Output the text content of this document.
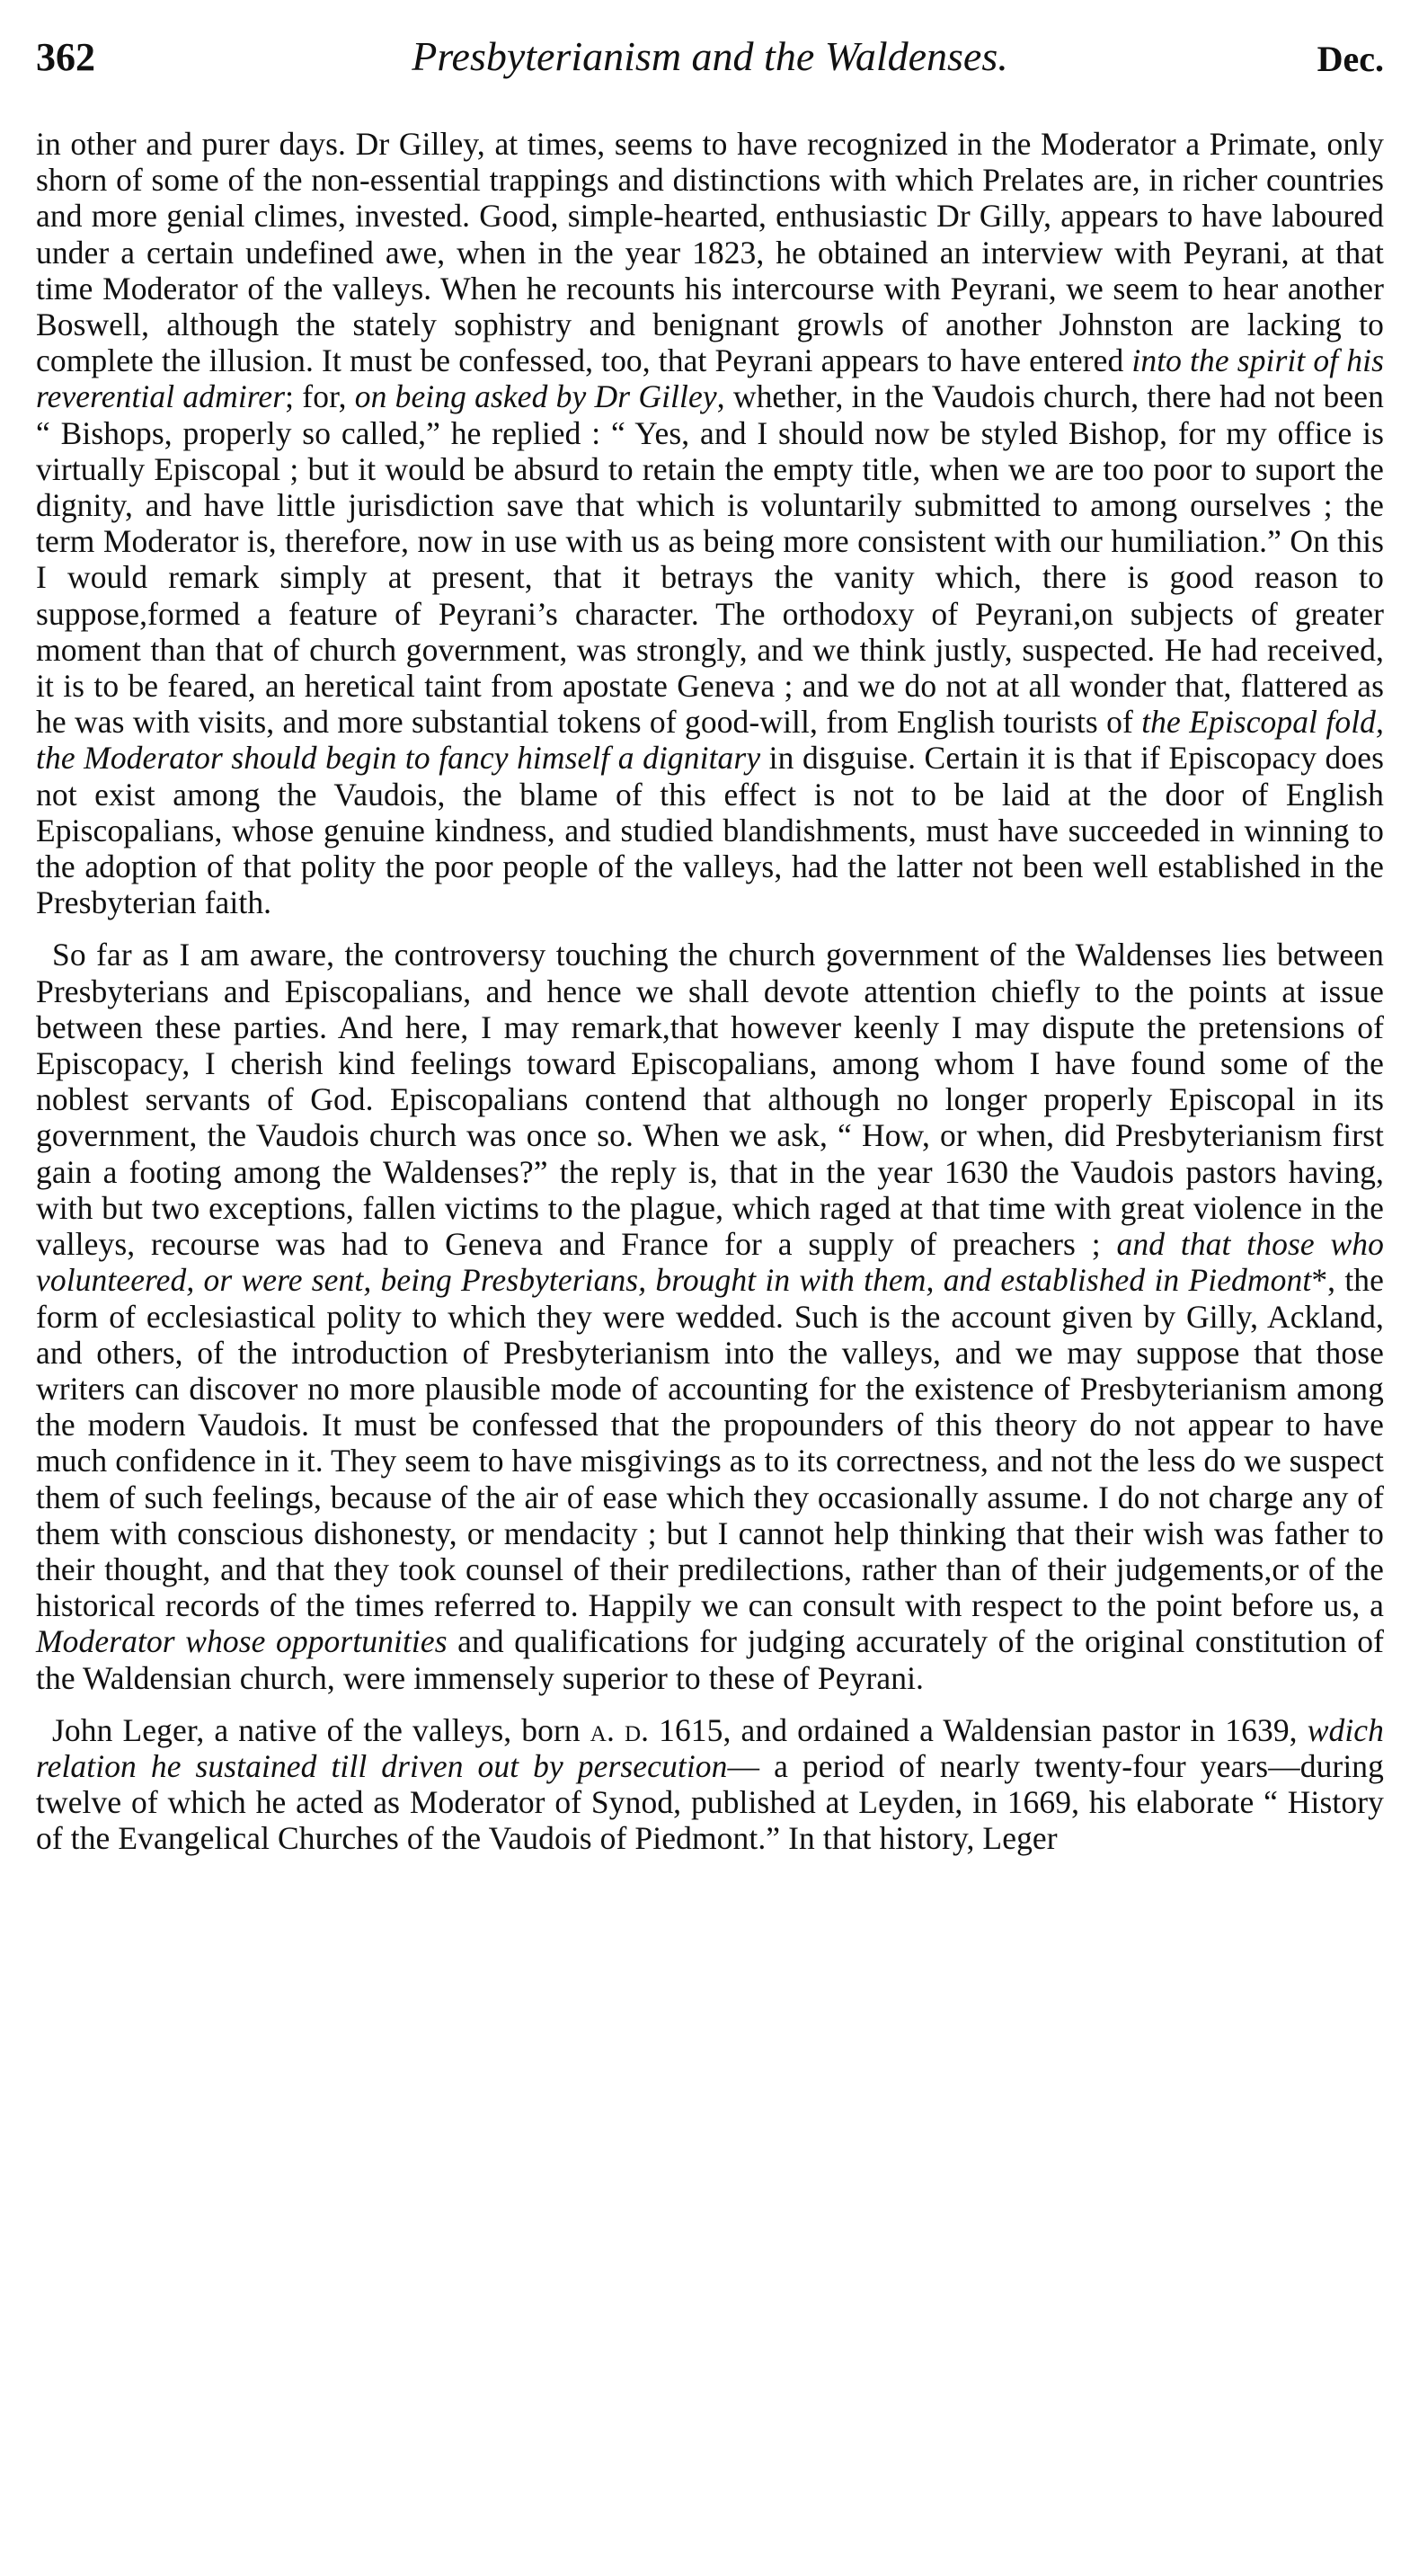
362	Presbyterianism and the Waldenses.	Dec.

in other and purer days. Dr Gilley, at times, seems to have recognized in the Moderator a Primate, only shorn of some of the non-essential trappings and distinctions with which Prelates are, in richer countries and more genial climes, invested. Good, simple-hearted, enthusiastic Dr Gilly, appears to have laboured under a certain undefined awe, when in the year 1823, he obtained an interview with Peyrani, at that time Moderator of the valleys. When he recounts his intercourse with Peyrani, we seem to hear another Boswell, although the stately sophistry and benignant growls of another Johnston are lacking to complete the illusion. It must be confessed, too, that Peyrani appears to have entered into the spirit of his reverential admirer; for, on being asked by Dr Gilley, whether, in the Vaudois church, there had not been “ Bishops, properly so called,” he replied : “ Yes, and I should now be styled Bishop, for my office is virtually Episcopal ; but it would be absurd to retain the empty title, when we are too poor to suport the dignity, and have little jurisdiction save that which is voluntarily submitted to among ourselves ; the term Moderator is, therefore, now in use with us as being more consistent with our humiliation.” On this I would remark simply at present, that it betrays the vanity which, there is good reason to suppose,formed a feature of Peyrani’s character. The orthodoxy of Peyrani,on subjects of greater moment than that of church government, was strongly, and we think justly, suspected. He had received, it is to be feared, an heretical taint from apostate Geneva ; and we do not at all wonder that, flattered as he was with visits, and more substantial tokens of good-will, from English tourists of the Episcopal fold, the Moderator should begin to fancy himself a dignitary in disguise. Certain it is that if Episcopacy does not exist among the Vaudois, the blame of this effect is not to be laid at the door of English Episcopalians, whose genuine kindness, and studied blandishments, must have succeeded in winning to the adoption of that polity the poor people of the valleys, had the latter not been well established in the Presbyterian faith.

So far as I am aware, the controversy touching the church government of the Waldenses lies between Presbyterians and Episcopalians, and hence we shall devote attention chiefly to the points at issue between these parties. And here, I may remark,that however keenly I may dispute the pretensions of Episcopacy, I cherish kind feelings toward Episcopalians, among whom I have found some of the noblest servants of God. Episcopalians contend that although no longer properly Episcopal in its government, the Vaudois church was once so. When we ask, “ How, or when, did Presbyterianism first gain a footing among the Waldenses?” the reply is, that in the year 1630 the Vaudois pastors having, with but two exceptions, fallen victims to the plague, which raged at that time with great violence in the valleys, recourse was had to Geneva and France for a supply of preachers ; and that those who volunteered, or were sent, being Presbyterians, brought in with them, and established in Piedmont*, the form of ecclesiastical polity to which they were wedded. Such is the account given by Gilly, Ackland, and others, of the introduction of Presbyterianism into the valleys, and we may suppose that those writers can discover no more plausible mode of accounting for the existence of Presbyterianism among the modern Vaudois. It must be confessed that the propounders of this theory do not appear to have much confidence in it. They seem to have misgivings as to its correctness, and not the less do we suspect them of such feelings, because of the air of ease which they occasionally assume. I do not charge any of them with conscious dishonesty, or mendacity ; but I cannot help thinking that their wish was father to their thought, and that they took counsel of their predilections, rather than of their judgements,or of the historical records of the times referred to. Happily we can consult with respect to the point before us, a Moderator whose opportunities and qualifications for judging accurately of the original constitution of the Waldensian church, were immensely superior to these of Peyrani.

John Leger, a native of the valleys, born a. d. 1615, and ordained a Waldensian pastor in 1639, wdich relation he sustained till driven out by persecution— a period of nearly twenty-four years—during twelve of which he acted as Moderator of Synod, published at Leyden, in 1669, his elaborate “ History of the Evangelical Churches of the Vaudois of Piedmont.” In that history, Leger
